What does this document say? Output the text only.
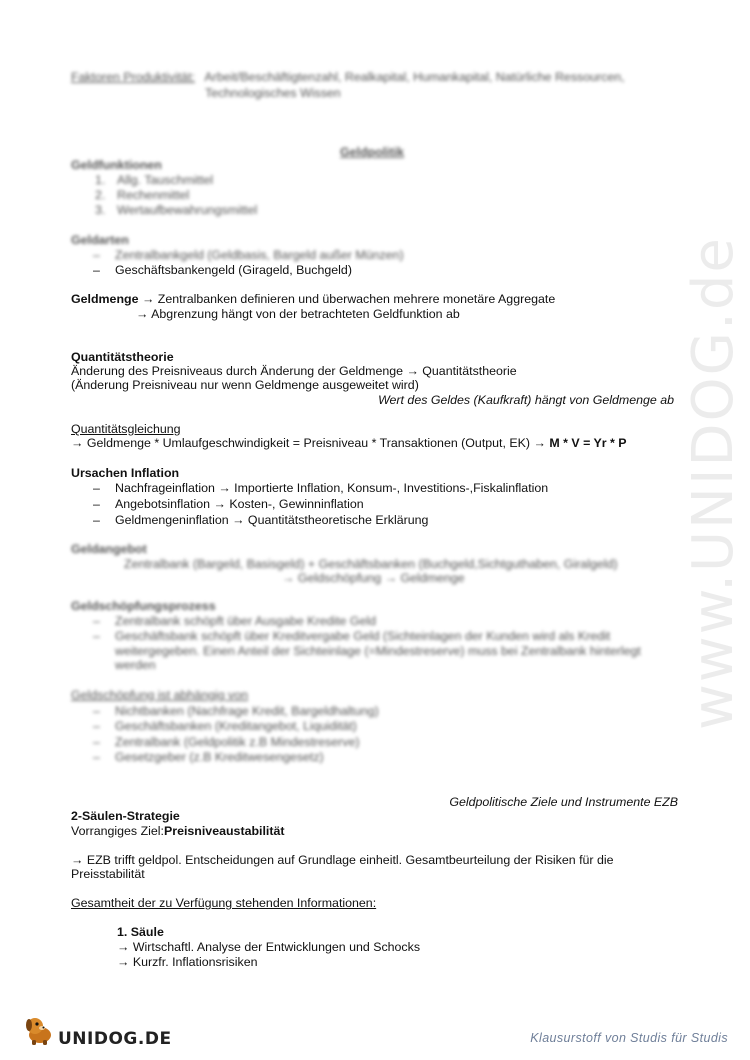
www.UNIDOG.de
Faktoren Produktivität: Arbeit/Beschäftigtenzahl, Realkapital, Humankapital, Natürliche Ressourcen,
Technologisches Wissen
Geldpolitik
Geldfunktionen
1. Allg. Tauschmittel
2. Rechenmittel
3. Wertaufbewahrungsmittel
Geldarten
– Zentralbankgeld (Geldbasis, Bargeld außer Münzen)
– Geschäftsbankengeld (Girageld, Buchgeld)
Geldmenge → Zentralbanken definieren und überwachen mehrere monetäre Aggregate
→ Abgrenzung hängt von der betrachteten Geldfunktion ab
Quantitätstheorie
Änderung des Preisniveaus durch Änderung der Geldmenge → Quantitätstheorie
(Änderung Preisniveau nur wenn Geldmenge ausgeweitet wird)
Wert des Geldes (Kaufkraft) hängt von Geldmenge ab
Quantitätsgleichung
→ Geldmenge * Umlaufgeschwindigkeit = Preisniveau * Transaktionen (Output, EK) → M * V = Yr * P
Ursachen Inflation
– Nachfrageinflation → Importierte Inflation, Konsum-, Investitions-,Fiskalinflation
– Angebotsinflation → Kosten-, Gewinninflation
– Geldmengeninflation → Quantitätstheoretische Erklärung
Geldangebot
Zentralbank (Bargeld, Basisgeld) + Geschäftsbanken (Buchgeld,Sichtguthaben, Giralgeld)
→ Geldschöpfung → Geldmenge
Geldschöpfungsprozess
– Zentralbank schöpft über Ausgabe Kredite Geld
– Geschäftsbank schöpft über Kreditvergabe Geld (Sichteinlagen der Kunden wird als Kredit
weitergegeben. Einen Anteil der Sichteinlage (=Mindestreserve) muss bei Zentralbank hinterlegt
werden
Geldschöpfung ist abhängig von
– Nichtbanken (Nachfrage Kredit, Bargeldhaltung)
– Geschäftsbanken (Kreditangebot, Liquidität)
– Zentralbank (Geldpolitik z.B Mindestreserve)
– Gesetzgeber (z.B Kreditwesengesetz)
Geldpolitische Ziele und Instrumente EZB
2-Säulen-Strategie
Vorrangiges Ziel:Preisniveaustabilität
→ EZB trifft geldpol. Entscheidungen auf Grundlage einheitl. Gesamtbeurteilung der Risiken für die
Preisstabilität
Gesamtheit der zu Verfügung stehenden Informationen:
1. Säule
→ Wirtschaftl. Analyse der Entwicklungen und Schocks
→ Kurzfr. Inflationsrisiken
UNIDOG.DE	Klausurstoff von Studis für Studis
